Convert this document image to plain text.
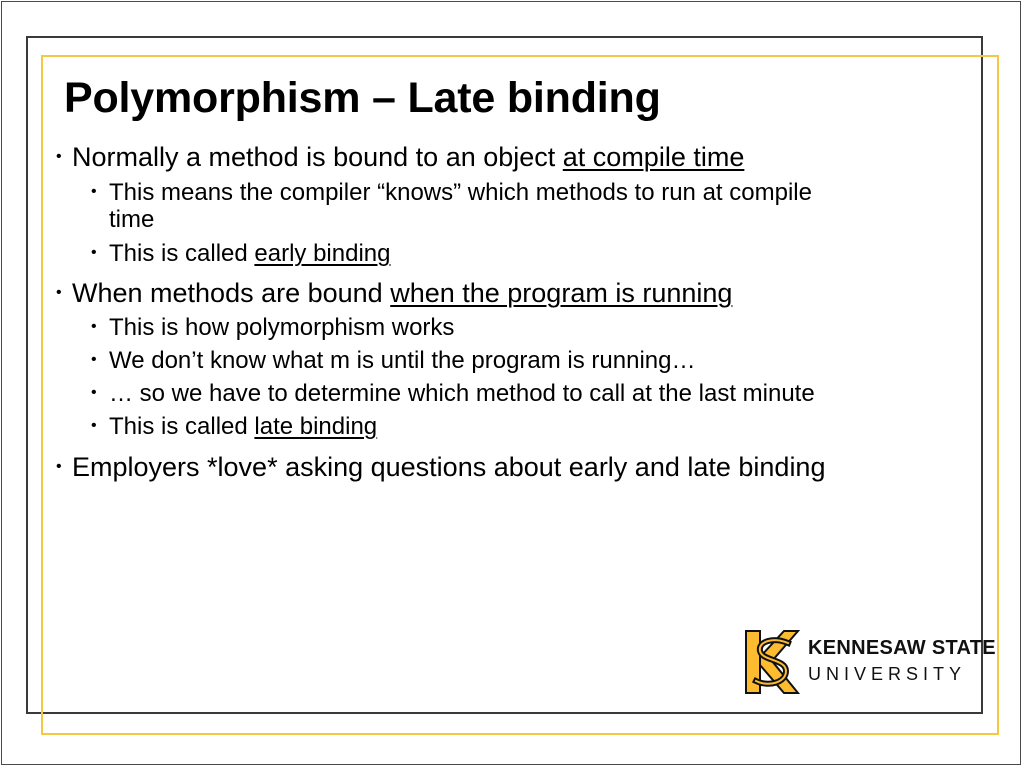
Polymorphism – Late binding

• Normally a method is bound to an object at compile time

• This means the compiler “knows” which methods to run at compile

time

• This is called early binding

• When methods are bound when the program is running

• This is how polymorphism works

• We don’t know what m is until the program is running…

• … so we have to determine which method to call at the last minute

• This is called late binding

• Employers *love* asking questions about early and late binding

KENNESAW STATE
UNIVERSITY
